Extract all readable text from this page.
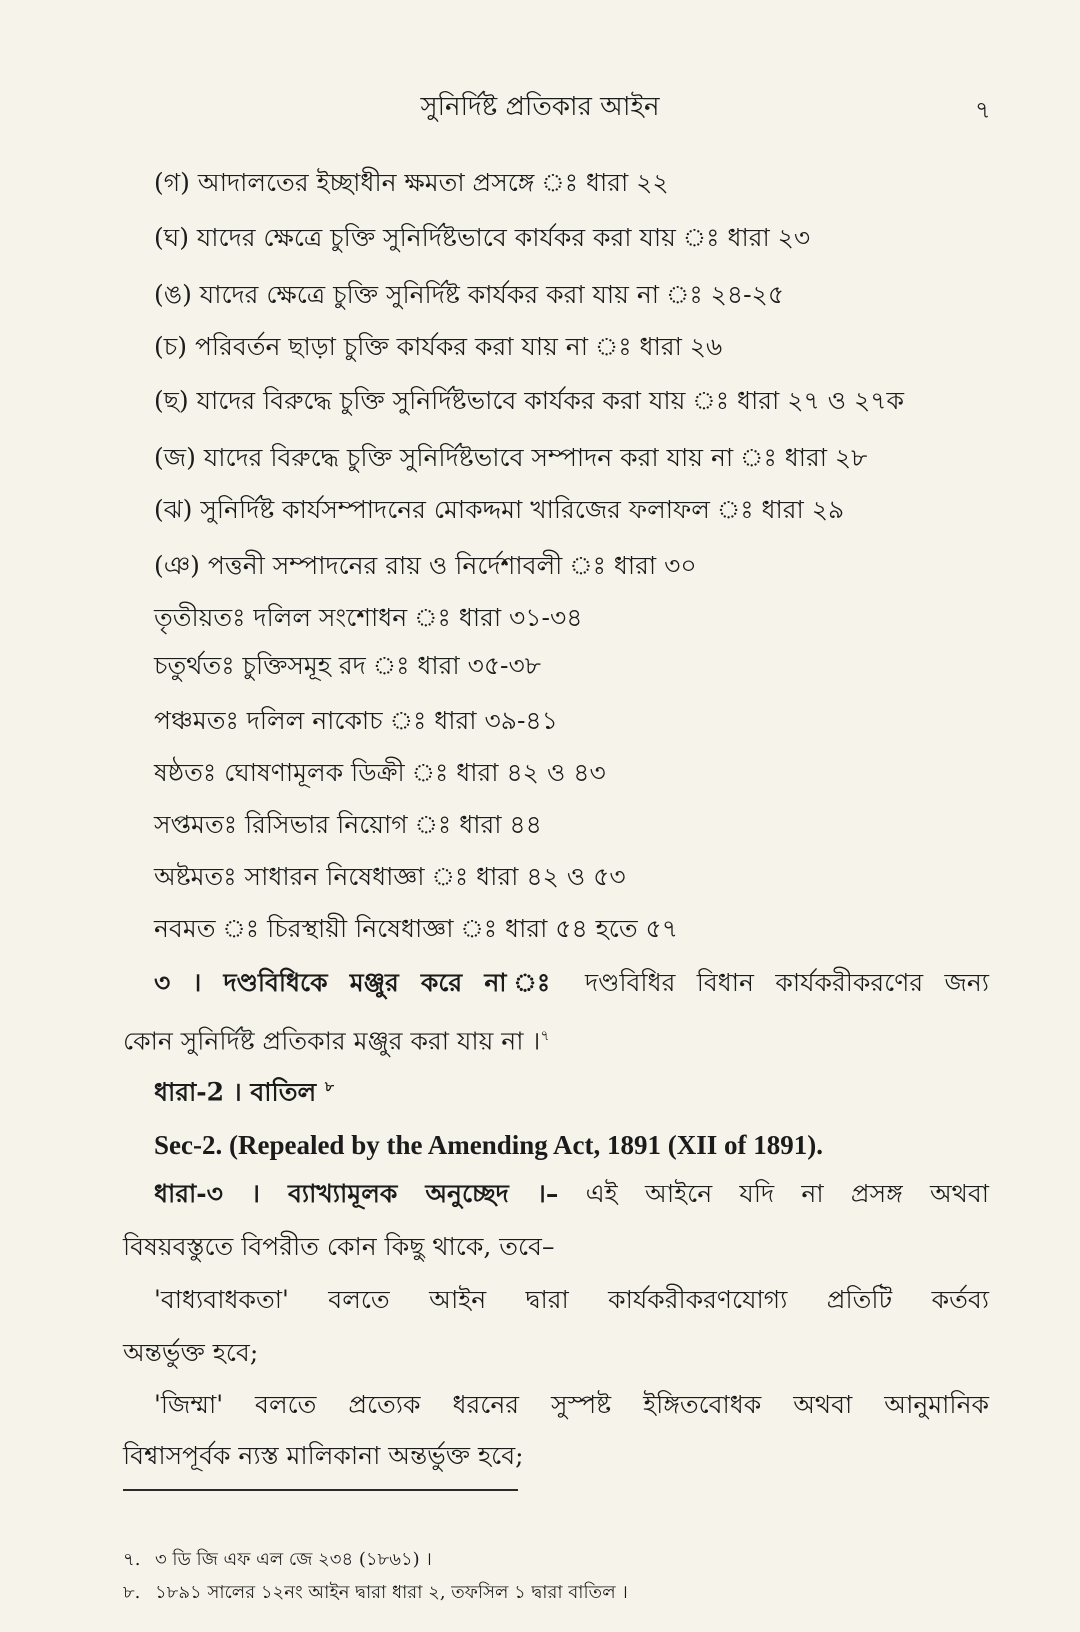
সুনির্দিষ্ট প্রতিকার আইন	৭
(গ) আদালতের ইচ্ছাধীন ক্ষমতা প্রসঙ্গে ঃ ধারা ২২
(ঘ) যাদের ক্ষেত্রে চুক্তি সুনির্দিষ্টভাবে কার্যকর করা যায় ঃ ধারা ২৩
(ঙ) যাদের ক্ষেত্রে চুক্তি সুনির্দিষ্ট কার্যকর করা যায় না ঃ ২৪-২৫
(চ) পরিবর্তন ছাড়া চুক্তি কার্যকর করা যায় না ঃ ধারা ২৬
(ছ) যাদের বিরুদ্ধে চুক্তি সুনির্দিষ্টভাবে কার্যকর করা যায় ঃ ধারা ২৭ ও ২৭ক
(জ) যাদের বিরুদ্ধে চুক্তি সুনির্দিষ্টভাবে সম্পাদন করা যায় না ঃ ধারা ২৮
(ঝ) সুনির্দিষ্ট কার্যসম্পাদনের মোকদ্দমা খারিজের ফলাফল ঃ ধারা ২৯
(ঞ) পত্তনী সম্পাদনের রায় ও নির্দেশাবলী ঃ ধারা ৩০
তৃতীয়তঃ দলিল সংশোধন ঃ ধারা ৩১-৩৪
চতুর্থতঃ চুক্তিসমূহ রদ ঃ ধারা ৩৫-৩৮
পঞ্চমতঃ দলিল নাকোচ ঃ ধারা ৩৯-৪১
ষষ্ঠতঃ ঘোষণামূলক ডিক্রী ঃ ধারা ৪২ ও ৪৩
সপ্তমতঃ রিসিভার নিয়োগ ঃ ধারা ৪৪
অষ্টমতঃ সাধারন নিষেধাজ্ঞা ঃ ধারা ৪২ ও ৫৩
নবমত ঃ চিরস্থায়ী নিষেধাজ্ঞা ঃ ধারা ৫৪ হতে ৫৭
৩ । দণ্ডবিধিকে মঞ্জুর করে না ঃ দণ্ডবিধির বিধান কার্যকরীকরণের জন্য
কোন সুনির্দিষ্ট প্রতিকার মঞ্জুর করা যায় না ।$^৭$
ধারা-2 । বাতিল $^৮$
Sec-2. (Repealed by the Amending Act, 1891 (XII of 1891).
ধারা-৩ । ব্যাখ্যামূলক অনুচ্ছেদ ।– এই আইনে যদি না প্রসঙ্গ অথবা
বিষয়বস্তুতে বিপরীত কোন কিছু থাকে, তবে–
'বাধ্যবাধকতা' বলতে আইন দ্বারা কার্যকরীকরণযোগ্য প্রতিটি কর্তব্য
অন্তর্ভুক্ত হবে;
'জিম্মা' বলতে প্রত্যেক ধরনের সুস্পষ্ট ইঙ্গিতবোধক অথবা আনুমানিক
বিশ্বাসপূর্বক ন্যস্ত মালিকানা অন্তর্ভুক্ত হবে;
৭. ৩ ডি জি এফ এল জে ২৩৪ (১৮৬১) ।
৮. ১৮৯১ সালের ১২নং আইন দ্বারা ধারা ২, তফসিল ১ দ্বারা বাতিল ।
